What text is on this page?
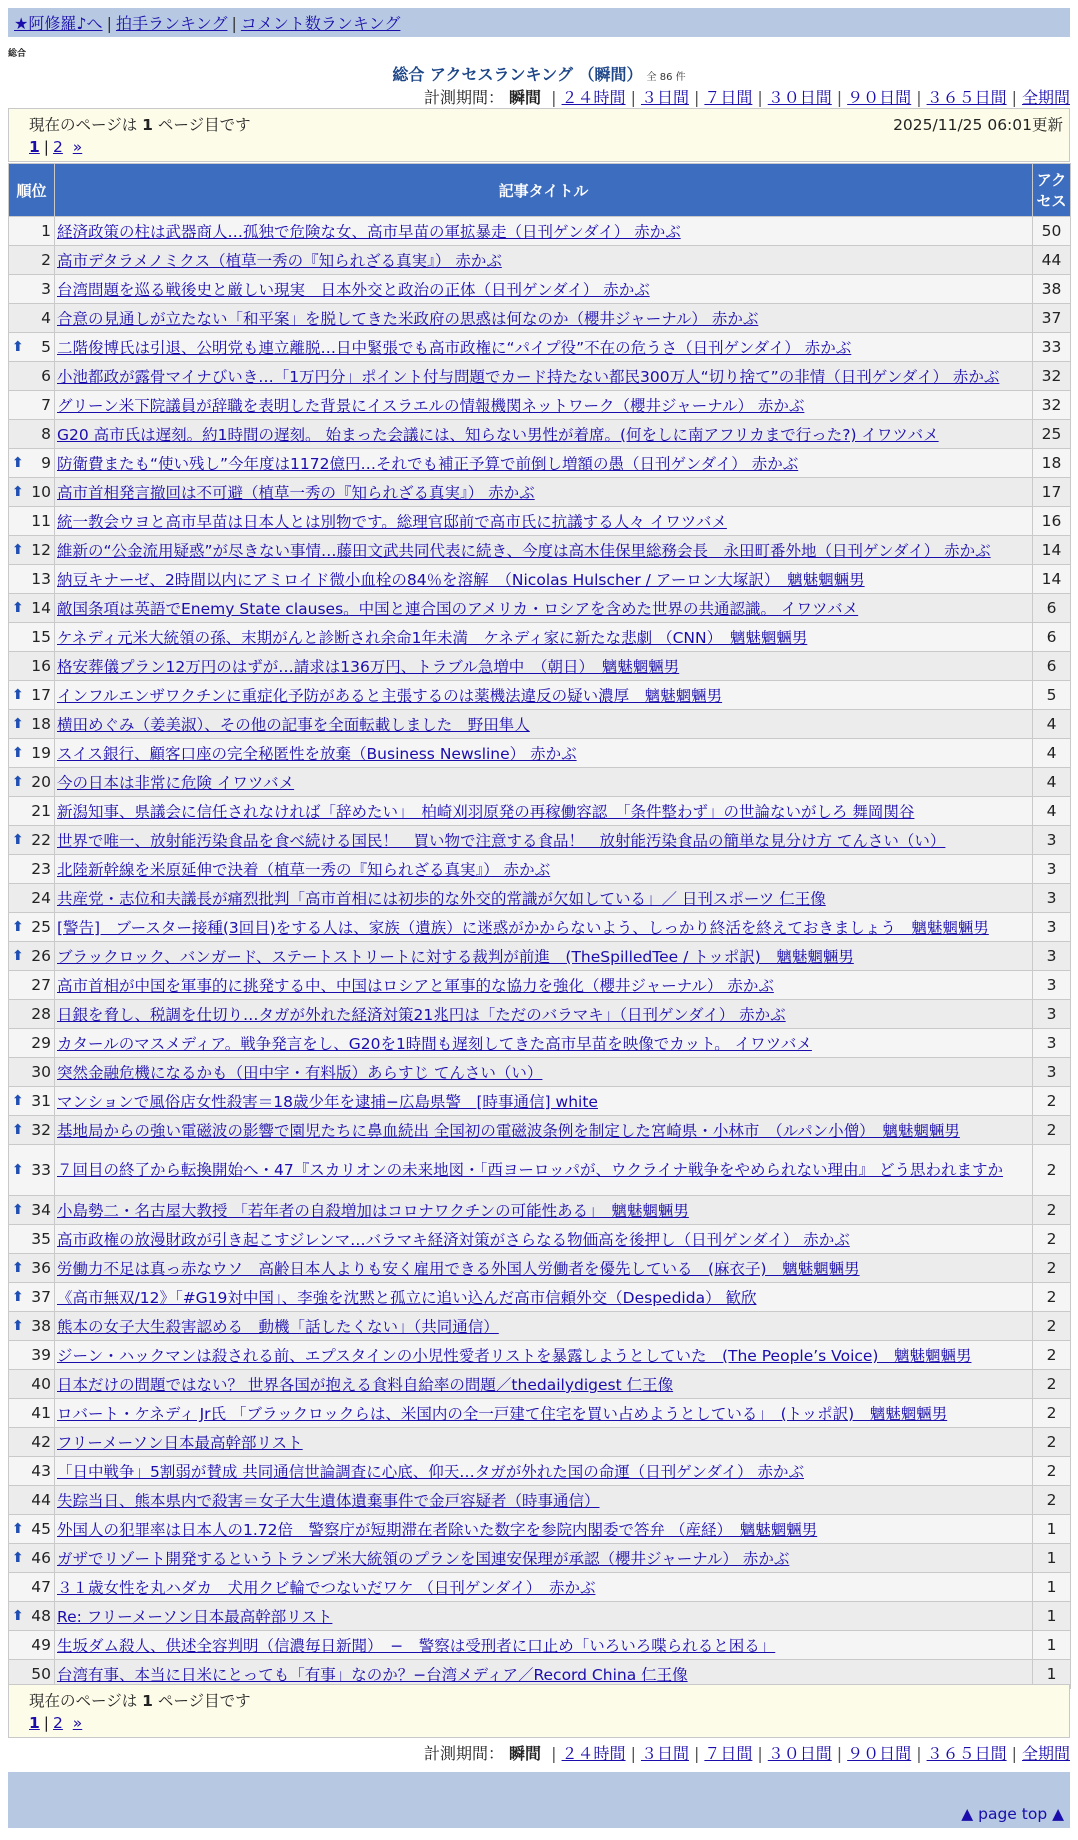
★阿修羅♪へ | 拍手ランキング | コメント数ランキング
総合
総合 アクセスランキング （瞬間） 全 86 件
計測期間： 瞬間 | ２４時間 | ３日間 | ７日間 | ３０日間 | ９０日間 | ３６５日間 | 全期間
現在のページは 1 ページ目です	2025/11/25 06:01更新
1 | 2 »
順位	記事タイトル	アクセス
1	経済政策の柱は武器商人…孤独で危険な女、高市早苗の軍拡暴走（日刊ゲンダイ） 赤かぶ	50
2	高市デタラメノミクス（植草一秀の『知られざる真実』） 赤かぶ	44
3	台湾問題を巡る戦後史と厳しい現実　日本外交と政治の正体（日刊ゲンダイ） 赤かぶ	38
4	合意の見通しが立たない「和平案」を脱してきた米政府の思惑は何なのか（櫻井ジャーナル） 赤かぶ	37

⬆ 5	二階俊博氏は引退、公明党も連立離脱…日中緊張でも高市政権に“パイプ役”不在の危うさ（日刊ゲンダイ） 赤かぶ	33
6	小池都政が露骨マイナびいき…「1万円分」ポイント付与問題でカード持たない都民300万人“切り捨て”の非情（日刊ゲンダイ） 赤かぶ	32
7	グリーン米下院議員が辞職を表明した背景にイスラエルの情報機関ネットワーク（櫻井ジャーナル） 赤かぶ	32
8	G20 高市氏は遅刻。約1時間の遅刻。 始まった会議には、知らない男性が着席。(何をしに南アフリカまで行った?) イワツバメ	25

⬆ 9	防衛費またも“使い残し”今年度は1172億円…それでも補正予算で前倒し増額の愚（日刊ゲンダイ） 赤かぶ	18

⬆ 10	高市首相発言撤回は不可避（植草一秀の『知られざる真実』） 赤かぶ	17
11	統一教会ウヨと高市早苗は日本人とは別物です。総理官邸前で高市氏に抗議する人々 イワツバメ	16

⬆ 12	維新の“公金流用疑惑”が尽きない事情…藤田文武共同代表に続き、今度は高木佳保里総務会長　永田町番外地（日刊ゲンダイ） 赤かぶ	14
13	納豆キナーゼ、2時間以内にアミロイド微小血栓の84％を溶解　（Nicolas Hulscher / アーロン大塚訳）　魑魅魍魎男	14

⬆ 14	敵国条項は英語でEnemy State clauses。中国と連合国のアメリカ・ロシアを含めた世界の共通認識。 イワツバメ	6
15	ケネディ元米大統領の孫、末期がんと診断され余命1年未満　ケネディ家に新たな悲劇 （CNN）　魑魅魍魎男	6
16	格安葬儀プラン12万円のはずが…請求は136万円、トラブル急増中　（朝日）　魑魅魍魎男	6

⬆ 17	インフルエンザワクチンに重症化予防があると主張するのは薬機法違反の疑い濃厚　魑魅魍魎男	5

⬆ 18	横田めぐみ（姜美淑）、その他の記事を全面転載しました　野田隼人	4

⬆ 19	スイス銀行、顧客口座の完全秘匿性を放棄（Business Newsline） 赤かぶ	4

⬆ 20	今の日本は非常に危険 イワツバメ	4
21	新潟知事、県議会に信任されなければ「辞めたい」　柏崎刈羽原発の再稼働容認　「条件整わず」の世論ないがしろ 舞岡関谷	4

⬆ 22	世界で唯一、放射能汚染食品を食べ続ける国民！　買い物で注意する食品！　放射能汚染食品の簡単な見分け方 てんさい（い）	3
23	北陸新幹線を米原延伸で決着（植草一秀の『知られざる真実』） 赤かぶ	3
24	共産党・志位和夫議長が痛烈批判「高市首相には初歩的な外交的常識が欠如している」／ 日刊スポーツ 仁王像	3

⬆ 25	[警告]　ブースター接種(3回目)をする人は、家族（遺族）に迷惑がかからないよう、しっかり終活を終えておきましょう　魑魅魍魎男	3

⬆ 26	ブラックロック、バンガード、ステートストリートに対する裁判が前進　(TheSpilledTee / トッポ訳)　魑魅魍魎男	3
27	高市首相が中国を軍事的に挑発する中、中国はロシアと軍事的な協力を強化（櫻井ジャーナル） 赤かぶ	3
28	日銀を脅し、税調を仕切り…タガが外れた経済対策21兆円は「ただのバラマキ」（日刊ゲンダイ） 赤かぶ	3
29	カタールのマスメディア。戦争発言をし、G20を1時間も遅刻してきた高市早苗を映像でカット。 イワツバメ	3
30	突然金融危機になるかも（田中宇・有料版）あらすじ てんさい（い）	3

⬆ 31	マンションで風俗店女性殺害＝18歳少年を逮捕−広島県警　[時事通信] white	2

⬆ 32	基地局からの強い電磁波の影響で園児たちに鼻血続出 全国初の電磁波条例を制定した宮崎県・小林市　（ルパン小僧）　魑魅魍魎男	2

⬆ 33	７回目の終了から転換開始へ・47『スカリオンの未来地図・「西ヨーロッパが、ウクライナ戦争をやめられない理由』 どう思われますか	2

⬆ 34	小島勢二・名古屋大教授 「若年者の自殺増加はコロナワクチンの可能性ある」　魑魅魍魎男	2
35	高市政権の放漫財政が引き起こすジレンマ…バラマキ経済対策がさらなる物価高を後押し（日刊ゲンダイ） 赤かぶ	2

⬆ 36	労働力不足は真っ赤なウソ　高齢日本人よりも安く雇用できる外国人労働者を優先している　(麻衣子)　魑魅魍魎男	2

⬆ 37	《高市無双/12》「#G19対中国」、李強を沈黙と孤立に追い込んだ高市信頼外交（Despedida） 歓欣	2

⬆ 38	熊本の女子大生殺害認める　動機「話したくない」（共同通信）	2
39	ジーン・ハックマンは殺される前、エプスタインの小児性愛者リストを暴露しようとしていた　(The People’s Voice)　魑魅魍魎男	2
40	日本だけの問題ではない？ 世界各国が抱える食料自給率の問題／thedailydigest 仁王像	2
41	ロバート・ケネディ Jr氏 「ブラックロックらは、米国内の全一戸建て住宅を買い占めようとしている」　(トッポ訳)　魑魅魍魎男	2
42	フリーメーソン日本最高幹部リスト	2
43	「日中戦争」5割弱が賛成 共同通信世論調査に心底、仰天…タガが外れた国の命運（日刊ゲンダイ） 赤かぶ	2
44	失踪当日、熊本県内で殺害＝女子大生遺体遺棄事件で金戸容疑者（時事通信）	2

⬆ 45	外国人の犯罪率は日本人の1.72倍　警察庁が短期滞在者除いた数字を参院内閣委で答弁 （産経）　魑魅魍魎男	1

⬆ 46	ガザでリゾート開発するというトランプ米大統領のプランを国連安保理が承認（櫻井ジャーナル） 赤かぶ	1
47	３１歳女性を丸ハダカ　犬用クビ輪でつないだワケ （日刊ゲンダイ）　赤かぶ	1

⬆ 48	Re: フリーメーソン日本最高幹部リスト	1
49	生坂ダム殺人、供述全容判明（信濃毎日新聞）　−　警察は受刑者に口止め「いろいろ喋られると困る」	1
50	台湾有事、本当に日米にとっても「有事」なのか？−台湾メディア／Record China 仁王像	1
現在のページは 1 ページ目です
1 | 2 »
計測期間： 瞬間 | ２４時間 | ３日間 | ７日間 | ３０日間 | ９０日間 | ３６５日間 | 全期間
▲ page top ▲
